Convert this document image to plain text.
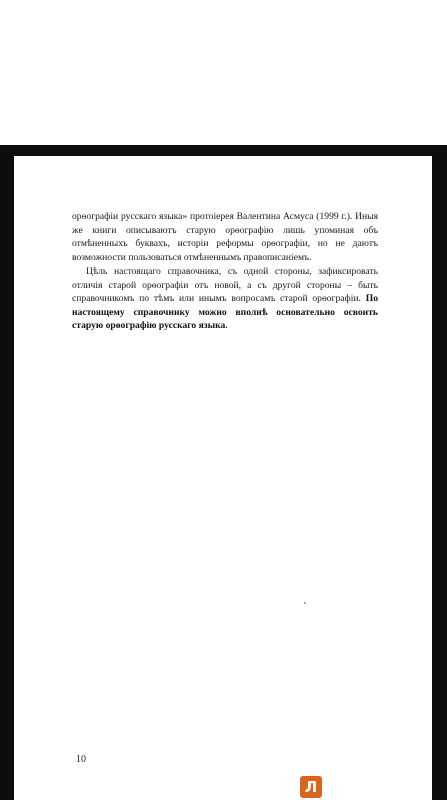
орѳографіи русскаго языка» протоіерея Валентина Асмуса (1999 г.). Иныя же книги описываютъ старую орѳографію лишь упоминая объ отмѣненныхъ буквахъ, исторіи реформы орѳографіи, но не даютъ возможности пользоваться отмѣненнымъ правописаніемъ.

Цѣль настоящаго справочника, съ одной стороны, зафиксировать отличія старой орѳографіи отъ новой, а съ другой стороны – быть справочникомъ по тѣмъ или инымъ вопросамъ старой орѳографіи. По настоящему справочнику можно вполнѣ основательно освоить старую орѳографію русскаго языка.

10
Л
